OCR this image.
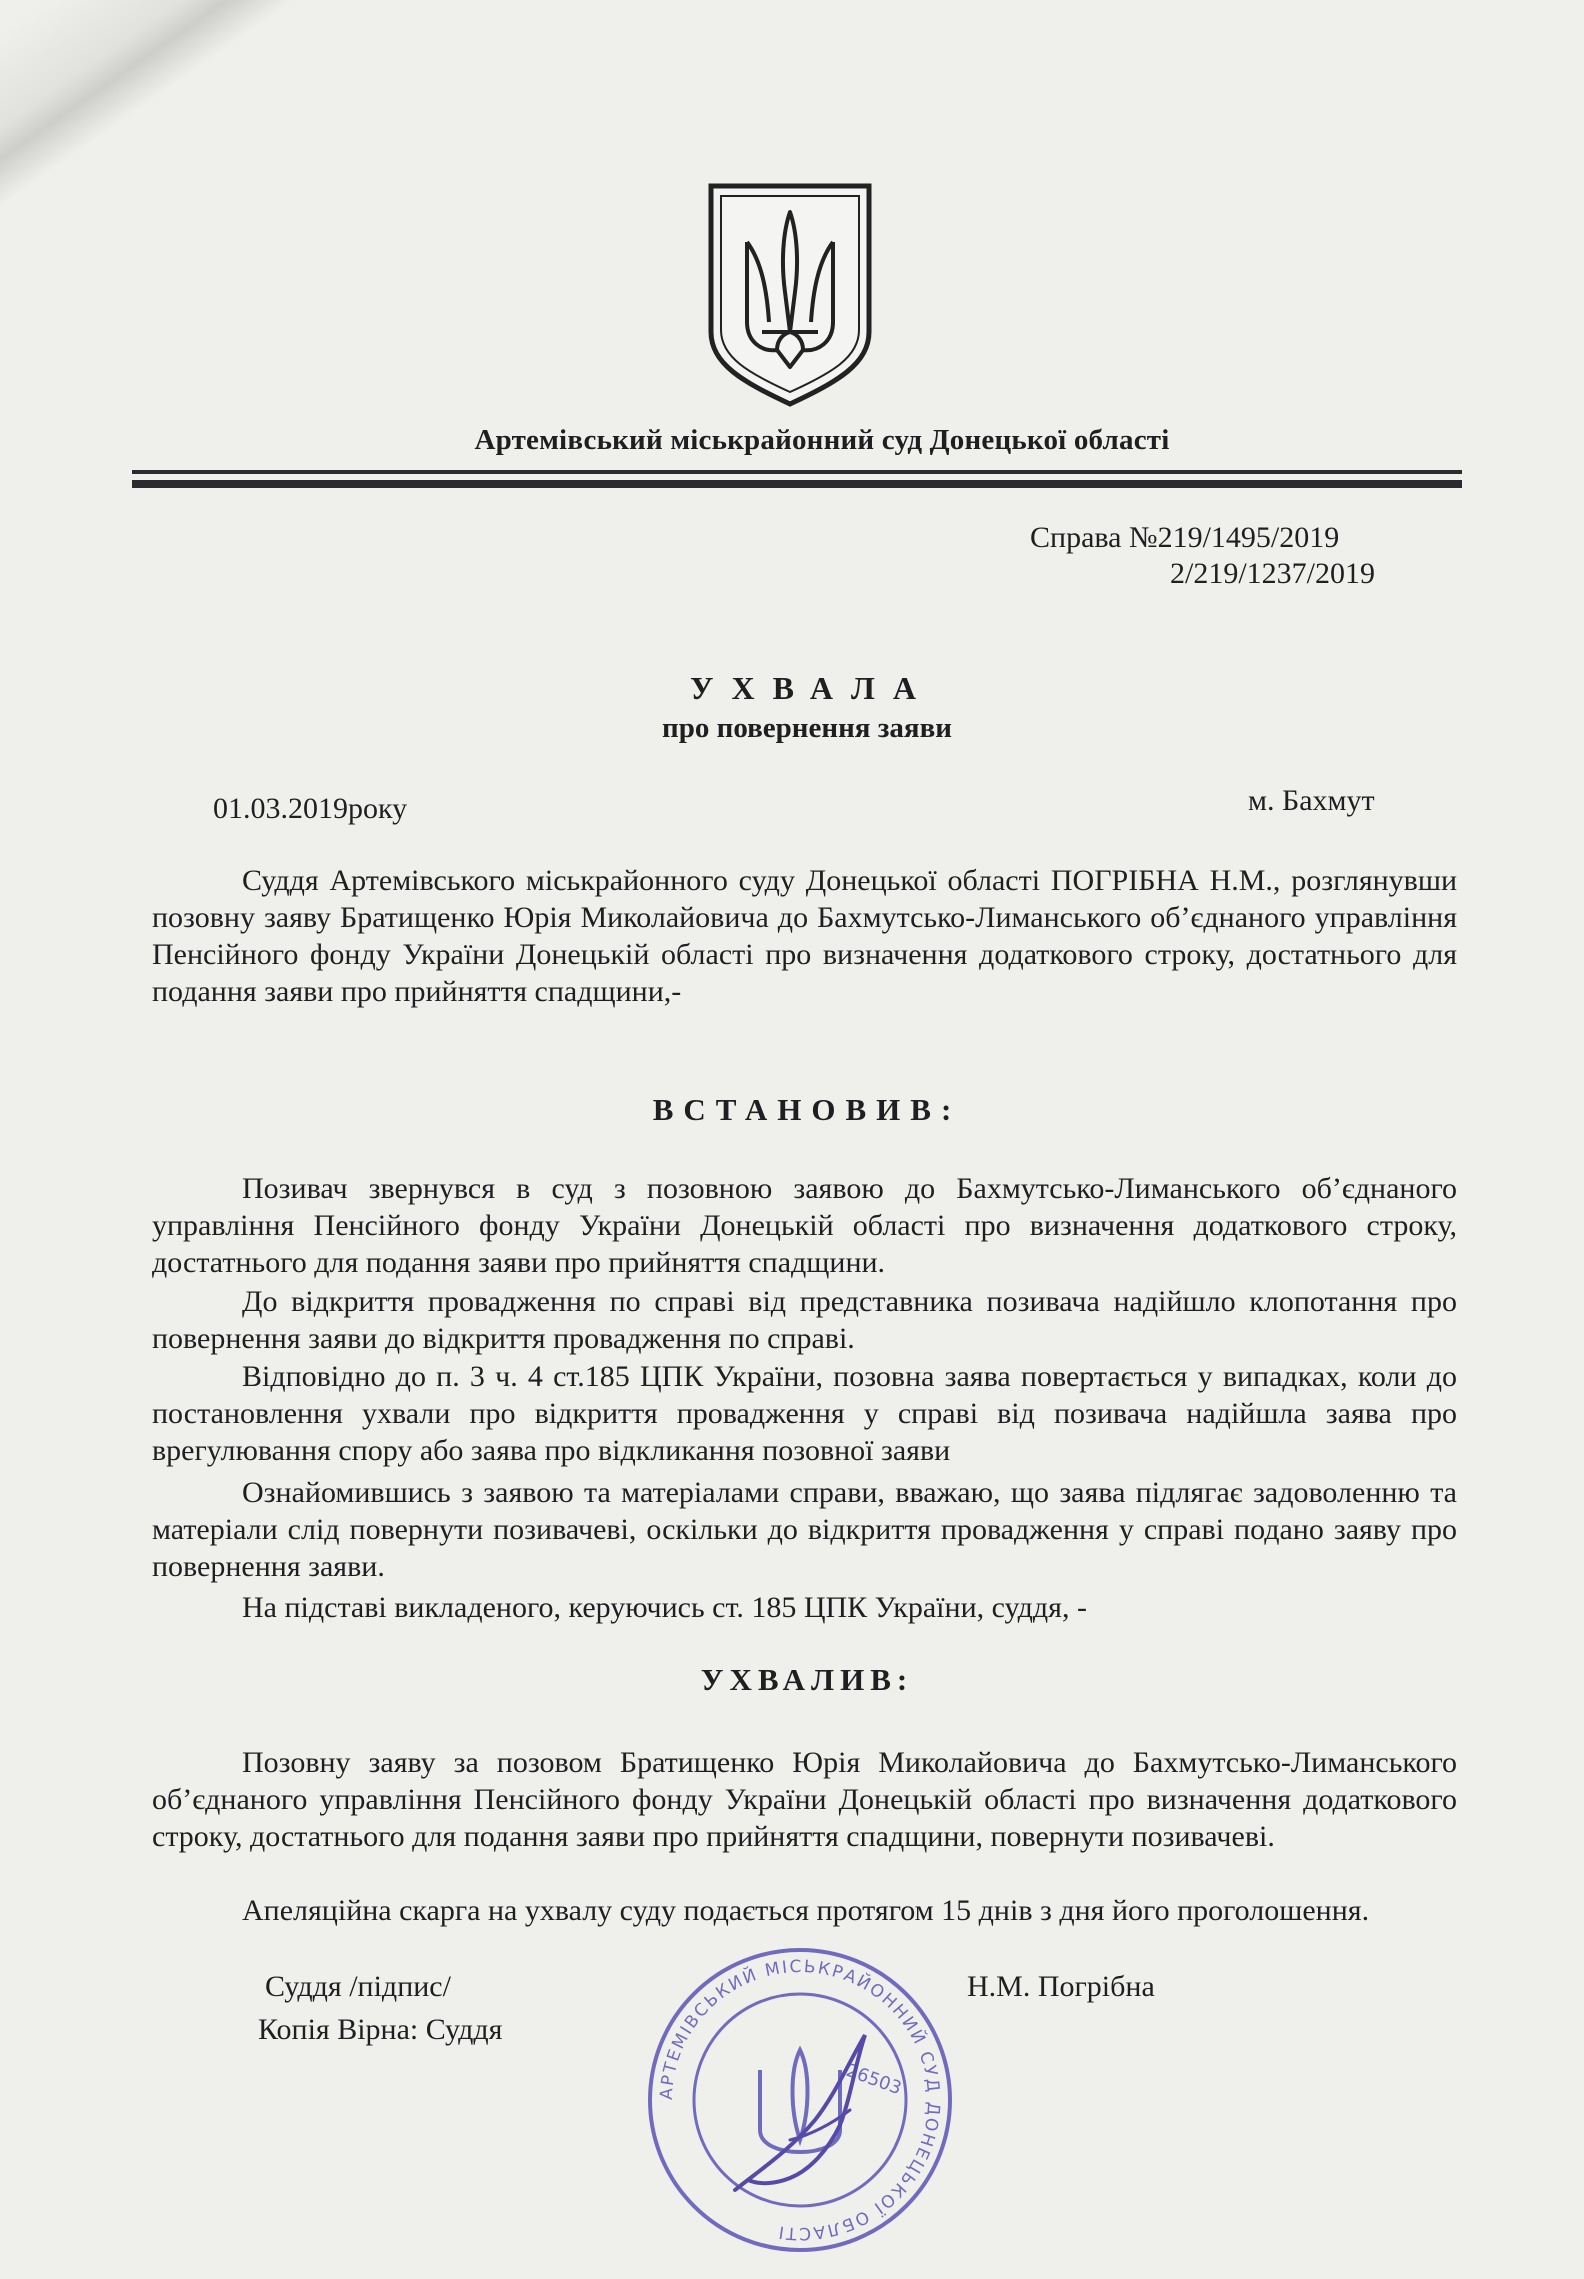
Артемівський міськрайонний суд Донецької області
Справа №219/1495/2019
2/219/1237/2019
УХВАЛА
про повернення заяви
01.03.2019року	м. Бахмут

Суддя Артемівського міськрайонного суду Донецької області ПОГРІБНА Н.М., розглянувши позовну заяву Братищенко Юрія Миколайовича до Бахмутсько-Лиманського об’єднаного управління Пенсійного фонду України Донецькій області про визначення додаткового строку, достатнього для подання заяви про прийняття спадщини,-

ВСТАНОВИВ:

Позивач звернувся в суд з позовною заявою до Бахмутсько-Лиманського об’єднаного управління Пенсійного фонду України Донецькій області про визначення додаткового строку, достатнього для подання заяви про прийняття спадщини.

До відкриття провадження по справі від представника позивача надійшло клопотання про повернення заяви до відкриття провадження по справі.

Відповідно до п. 3 ч. 4 ст.185 ЦПК України, позовна заява повертається у випадках, коли до постановлення ухвали про відкриття провадження у справі від позивача надійшла заява про врегулювання спору або заява про відкликання позовної заяви

Ознайомившись з заявою та матеріалами справи, вважаю, що заява підлягає задоволенню та матеріали слід повернути позивачеві, оскільки до відкриття провадження у справі подано заяву про повернення заяви.

На підставі викладеного, керуючись ст. 185 ЦПК України, суддя, -

УХВАЛИВ:

Позовну заяву за позовом Братищенко Юрія Миколайовича до Бахмутсько-Лиманського об’єднаного управління Пенсійного фонду України Донецькій області про визначення додаткового строку, достатнього для подання заяви про прийняття спадщини, повернути позивачеві.

Апеляційна скарга на ухвалу суду подається протягом 15 днів з дня його проголошення.

Суддя /підпис/	Н.М. Погрібна
Копія Вірна: Суддя
АРТЕМІВСЬКИЙ МІСЬКРАЙОННИЙ СУД ДОНЕЦЬКОЇ ОБЛАСТІ
26503
